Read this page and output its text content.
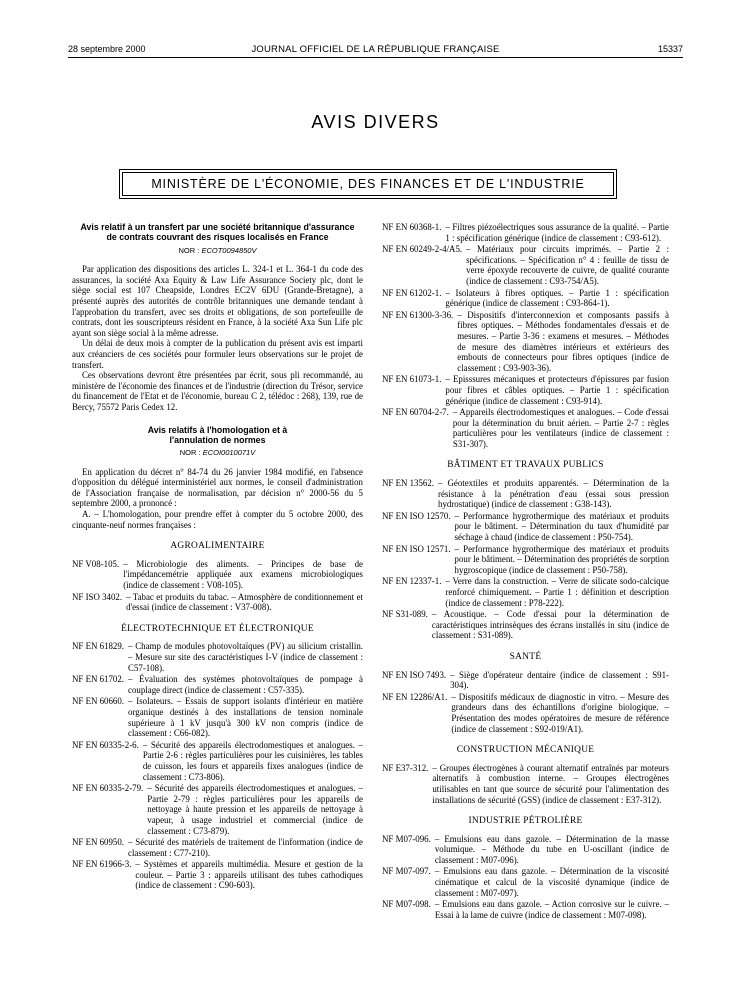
JOURNAL OFFICIEL DE LA RÉPUBLIQUE FRANÇAISE
28 septembre 2000	15337
AVIS DIVERS
MINISTÈRE DE L'ÉCONOMIE, DES FINANCES ET DE L'INDUSTRIE
Avis relatif à un transfert par une société britannique d'assurance de contrats couvrant des risques localisés en France
NOR : ECOT0094850V

Par application des dispositions des articles L. 324-1 et L. 364-1 du code des assurances, la société Axa Equity & Law Life Assurance Society plc, dont le siège social est 107 Cheapside, Londres EC2V 6DU (Grande-Bretagne), a présenté auprès des autorités de contrôle britanniques une demande tendant à l'approbation du transfert, avec ses droits et obligations, de son portefeuille de contrats, dont les souscripteurs résident en France, à la société Axa Sun Life plc ayant son siège social à la même adresse.

Un délai de deux mois à compter de la publication du présent avis est imparti aux créanciers de ces sociétés pour formuler leurs observations sur le projet de transfert.

Ces observations devront être présentées par écrit, sous pli recommandé, au ministère de l'économie des finances et de l'industrie (direction du Trésor, service du financement de l'Etat et de l'économie, bureau C 2, télédoc : 268), 139, rue de Bercy, 75572 Paris Cedex 12.

Avis relatifs à l'homologation et à l'annulation de normes
NOR : ECOI0010071V

En application du décret n° 84-74 du 26 janvier 1984 modifié, en l'absence d'opposition du délégué interministériel aux normes, le conseil d'administration de l'Association française de normalisation, par décision n° 2000-56 du 5 septembre 2000, a prononcé :

A. – L'homologation, pour prendre effet à compter du 5 octobre 2000, des cinquante-neuf normes françaises :

AGROALIMENTAIRE
NF V08-105. – Microbiologie des aliments. – Principes de base de l'impédancemétrie appliquée aux examens microbiologiques (indice de classement : V08-105).
NF ISO 3402. – Tabac et produits du tabac. – Atmosphère de conditionnement et d'essai (indice de classement : V37-008).
ÉLECTROTECHNIQUE ET ÉLECTRONIQUE
NF EN 61829. – Champ de modules photovoltaïques (PV) au silicium cristallin. – Mesure sur site des caractéristiques I-V (indice de classement : C57-108).
NF EN 61702. – Évaluation des systèmes photovoltaïques de pompage à couplage direct (indice de classement : C57-335).
NF EN 60660. – Isolateurs. – Essais de support isolants d'intérieur en matière organique destinés à des installations de tension nominale supérieure à 1 kV jusqu'à 300 kV non compris (indice de classement : C66-082).
NF EN 60335-2-6. – Sécurité des appareils électrodomestiques et analogues. – Partie 2-6 : règles particulières pour les cuisinières, les tables de cuisson, les fours et appareils fixes analogues (indice de classement : C73-806).
NF EN 60335-2-79. – Sécurité des appareils électrodomestiques et analogues. – Partie 2-79 : règles particulières pour les appareils de nettoyage à haute pression et les appareils de nettoyage à vapeur, à usage industriel et commercial (indice de classement : C73-879).
NF EN 60950. – Sécurité des matériels de traitement de l'information (indice de classement : C77-210).
NF EN 61966-3. – Systèmes et appareils multimédia. Mesure et gestion de la couleur. – Partie 3 : appareils utilisant des tubes cathodiques (indice de classement : C90-603).
NF EN 60368-1. – Filtres piézoélectriques sous assurance de la qualité. – Partie 1 : spécification générique (indice de classement : C93-612).
NF EN 60249-2-4/A5. – Matériaux pour circuits imprimés. – Partie 2 : spécifications. – Spécification n° 4 : feuille de tissu de verre époxyde recouverte de cuivre, de qualité courante (indice de classement : C93-754/A5).
NF EN 61202-1. – Isolateurs à fibres optiques. – Partie 1 : spécification générique (indice de classement : C93-864-1).
NF EN 61300-3-36. – Dispositifs d'interconnexion et composants passifs à fibres optiques. – Méthodes fondamentales d'essais et de mesures. – Partie 3-36 : examens et mesures. – Méthodes de mesure des diamètres intérieurs et extérieurs des embouts de connecteurs pour fibres optiques (indice de classement : C93-903-36).
NF EN 61073-1. – Episssures mécaniques et protecteurs d'épissures par fusion pour fibres et câbles optiques. – Partie 1 : spécification générique (indice de classement : C93-914).
NF EN 60704-2-7. – Appareils électrodomestiques et analogues. – Code d'essai pour la détermination du bruit aérien. – Partie 2-7 : règles particulières pour les ventilateurs (indice de classement : S31-307).
BÂTIMENT ET TRAVAUX PUBLICS
NF EN 13562. – Géotextiles et produits apparentés. – Détermination de la résistance à la pénétration d'eau (essai sous pression hydrostatique) (indice de classement : G38-143).
NF EN ISO 12570. – Performance hygrothermique des matériaux et produits pour le bâtiment. – Détermination du taux d'humidité par séchage à chaud (indice de classement : P50-754).
NF EN ISO 12571. – Performance hygrothermique des matériaux et produits pour le bâtiment. – Détermination des propriétés de sorption hygroscopique (indice de classement : P50-758).
NF EN 12337-1. – Verre dans la construction. – Verre de silicate sodo-calcique renforcé chimiquement. – Partie 1 : définition et description (indice de classement : P78-222).
NF S31-089. – Acoustique. – Code d'essai pour la détermination de caractéristiques intrinsèques des écrans installés in situ (indice de classement : S31-089).
SANTÉ
NF EN ISO 7493. – Siège d'opérateur dentaire (indice de classement : S91-304).
NF EN 12286/A1. – Dispositifs médicaux de diagnostic in vitro. – Mesure des grandeurs dans des échantillons d'origine biologique. – Présentation des modes opératoires de mesure de référence (indice de classement : S92-019/A1).
CONSTRUCTION MÉCANIQUE
NF E37-312. – Groupes électrogènes à courant alternatif entraînés par moteurs alternatifs à combustion interne. – Groupes électrogènes utilisables en tant que source de sécurité pour l'alimentation des installations de sécurité (GSS) (indice de classement : E37-312).
INDUSTRIE PÉTROLIÈRE
NF M07-096. – Emulsions eau dans gazole. – Détermination de la masse volumique. – Méthode du tube en U-oscillant (indice de classement : M07-096).
NF M07-097. – Emulsions eau dans gazole. – Détermination de la viscosité cinématique et calcul de la viscosité dynamique (indice de classement : M07-097).
NF M07-098. – Emulsions eau dans gazole. – Action corrosive sur le cuivre. – Essai à la lame de cuivre (indice de classement : M07-098).
